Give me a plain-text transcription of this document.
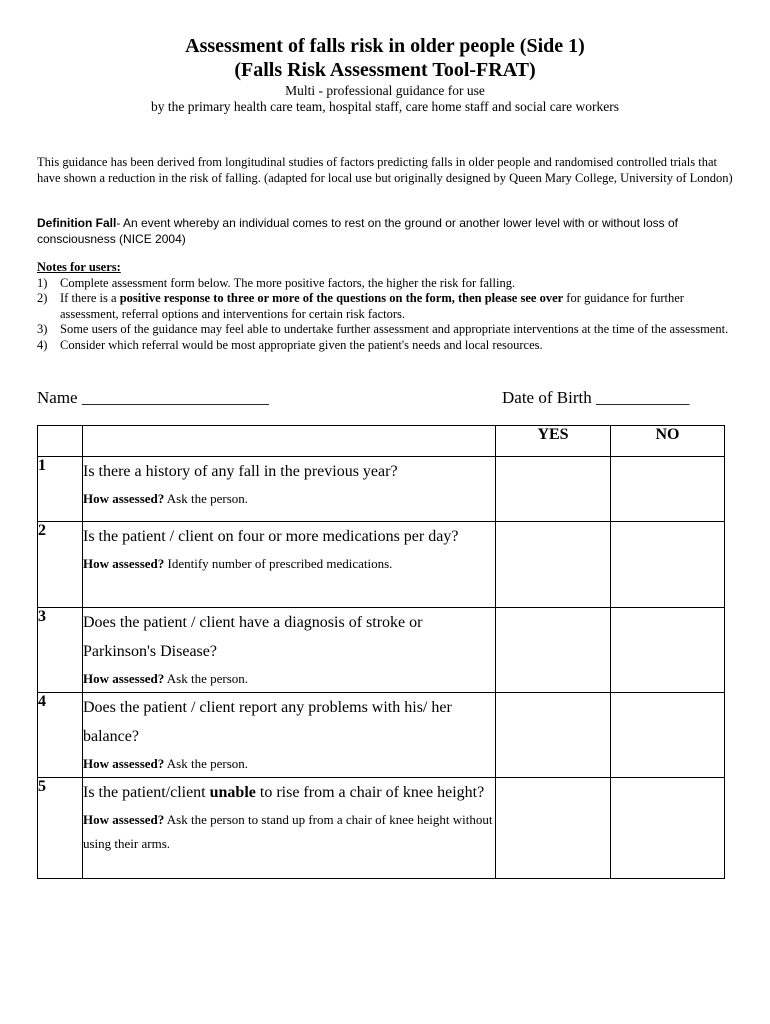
Assessment of falls risk in older people (Side 1)
(Falls Risk Assessment Tool-FRAT)
Multi - professional guidance for use
by the primary health care team, hospital staff, care home staff and social care workers
This guidance has been derived from longitudinal studies of factors predicting falls in older people and randomised controlled trials that have shown a reduction in the risk of falling. (adapted for local use but originally designed by Queen Mary College, University of London)
Definition Fall- An event whereby an individual comes to rest on the ground or another lower level with or without loss of consciousness (NICE 2004)
Notes for users:
1) Complete assessment form below. The more positive factors, the higher the risk for falling.
2) If there is a positive response to three or more of the questions on the form, then please see over for guidance for further assessment, referral options and interventions for certain risk factors.
3) Some users of the guidance may feel able to undertake further assessment and appropriate interventions at the time of the assessment.
4) Consider which referral would be most appropriate given the patient's needs and local resources.
Name ______________________	Date of Birth ___________
		YES	NO
1	Is there a history of any fall in the previous year?
How assessed? Ask the person.		

2	Is the patient / client on four or more medications per day?
How assessed? Identify number of prescribed medications.		

3	Does the patient / client have a diagnosis of stroke or Parkinson's Disease?
How assessed? Ask the person.		

4	Does the patient / client report any problems with his/ her balance?
How assessed? Ask the person.		

5	Is the patient/client unable to rise from a chair of knee height?
How assessed? Ask the person to stand up from a chair of knee height without using their arms.		
